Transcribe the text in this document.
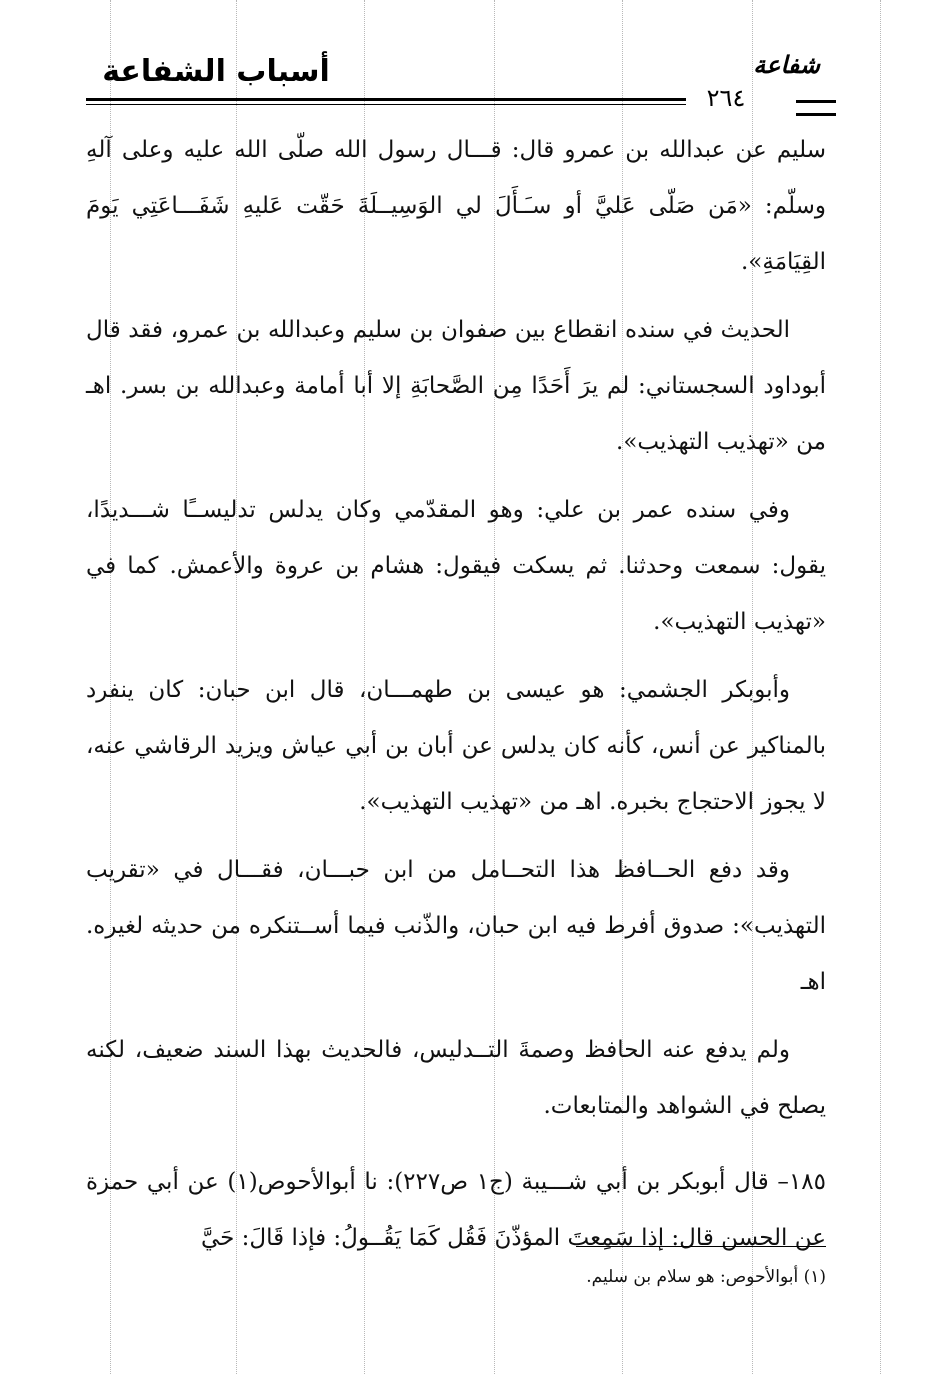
أسباب الشفاعة	شفاعة
٢٦٤

سليم عن عبدالله بن عمرو قال: قـــال رسول الله صلّى الله عليه وعلى آلهِ وسلّم: «مَن صَلّى عَليَّ أو سـَـأَلَ لي الوَسِيــلَةَ حَقّت عَليهِ شَفَـــاعَتِي يَومَ القِيَامَةِ».

الحديث في سنده انقطاع بين صفوان بن سليم وعبدالله بن عمرو، فقد قال أبوداود السجستاني: لم يرَ أَحَدًا مِن الصَّحابَةِ إلا أبا أمامة وعبدالله بن بسر. اهـ من «تهذيب التهذيب».

وفي سنده عمر بن علي: وهو المقدّمي وكان يدلس تدليســًا شـــديدًا، يقول: سمعت وحدثنا. ثم يسكت فيقول: هشام بن عروة والأعمش. كما في «تهذيب التهذيب».

وأبوبكر الجشمي: هو عيسى بن طهمـــان، قال ابن حبان: كان ينفرد بالمناكير عن أنس، كأنه كان يدلس عن أبان بن أبي عياش ويزيد الرقاشي عنه، لا يجوز الاحتجاج بخبره. اهـ من «تهذيب التهذيب».

وقد دفع الحــافظ هذا التحــامل من ابن حبـــان، فقـــال في «تقريب التهذيب»: صدوق أفرط فيه ابن حبان، والذّنب فيما أســتنكره من حديثه لغيره. اهـ

ولم يدفع عنه الحافظ وصمةَ التــدليس، فالحديث بهذا السند ضعيف، لكنه يصلح في الشواهد والمتابعات.

١٨٥– قال أبوبكر بن أبي شـــيبة (ج١ ص٢٢٧): نا أبوالأحوص(١) عن أبي حمزة عن الحسن قال: إذا سَمِعتَ المؤذّنَ فَقُل كَمَا يَقُــولُ: فإذا قَالَ: حَيَّ

(١) أبوالأحوص: هو سلام بن سليم.
